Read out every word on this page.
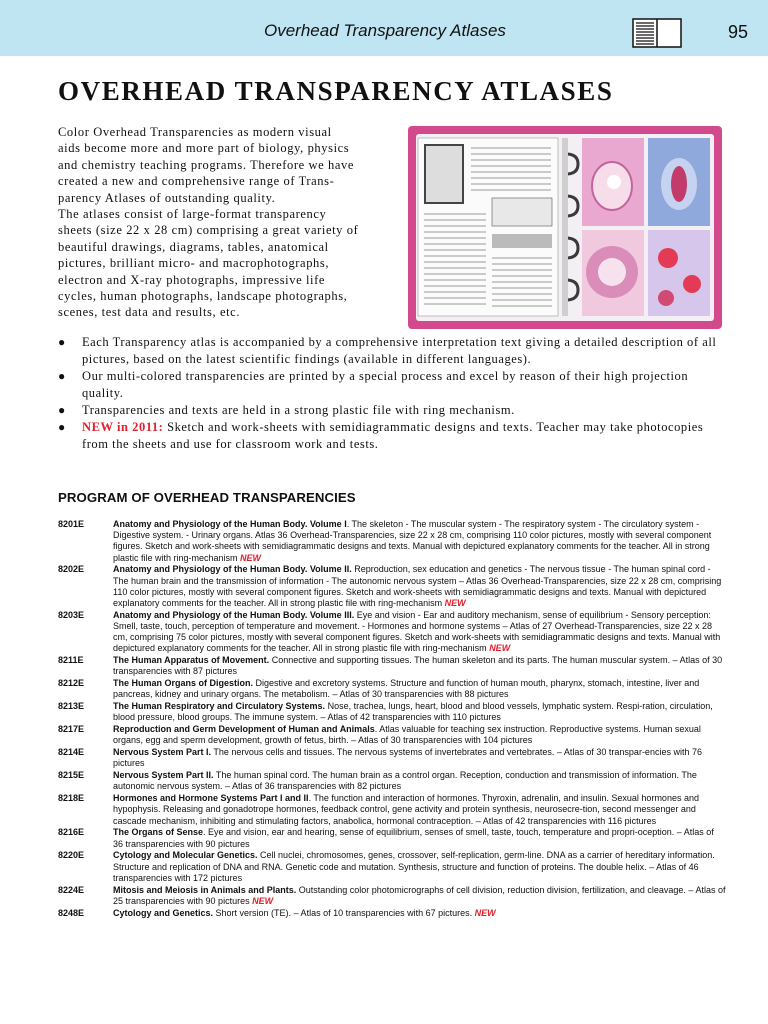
Overhead Transparency Atlases	95
OVERHEAD TRANSPARENCY ATLASES

Color Overhead Transparencies as modern visual

aids become more and more part of biology, physics

and chemistry teaching programs. Therefore we have

created a new and comprehensive range of Trans-

parency Atlases of outstanding quality.

The atlases consist of large-format transparency

sheets (size 22 x 28 cm) comprising a great variety of

beautiful drawings, diagrams, tables, anatomical

pictures, brilliant micro- and macrophotographs,

electron and X-ray photographs, impressive life

cycles, human photographs, landscape photographs,

scenes, test data and results, etc.

● Each Transparency atlas is accompanied by a comprehensive interpretation text giving a detailed description of all pictures, based on the latest scientific findings (available in different languages).
● Our multi-colored transparencies are printed by a special process and excel by reason of their high projection quality.
● Transparencies and texts are held in a strong plastic file with ring mechanism.
● NEW in 2011: Sketch and work-sheets with semidiagrammatic designs and texts. Teacher may take photocopies from the sheets and use for classroom work and tests.
PROGRAM OF OVERHEAD TRANSPARENCIES
8201E	Anatomy and Physiology of the Human Body. Volume I. The skeleton - The muscular system - The respiratory system - The circulatory system - Digestive system. - Urinary organs. Atlas 36 Overhead-Transparencies, size 22 x 28 cm, comprising 110 color pictures, mostly with several component figures. Sketch and work-sheets with semidiagrammatic designs and texts. Manual with depicturеd explanatory comments for the teacher. All in strong plastic file with ring-mechanism NEW
8202E	Anatomy and Physiology of the Human Body. Volume II. Reproduction, sex education and genetics - The nervous tissue - The human spinal cord - The human brain and the transmission of information - The autonomic nervous system – Atlas 36 Overhead-Transparencies, size 22 x 28 cm, comprising 110 color pictures, mostly with several component figures. Sketch and work-sheets with semidiagrammatic designs and texts. Manual with depicturеd explanatory comments for the teacher. All in strong plastic file with ring-mechanism NEW
8203E	Anatomy and Physiology of the Human Body. Volume III. Eye and vision - Ear and auditory mechanism, sense of equilibrium - Sensory perception: Smell, taste, touch, perception of temperature and movement. - Hormones and hormone systems – Atlas of 27 Overhead-Transparencies, size 22 x 28 cm, comprising 75 color pictures, mostly with several component figures. Sketch and work-sheets with semidiagrammatic designs and texts. Manual with depicturеd explanatory comments for the teacher. All in strong plastic file with ring-mechanism NEW
8211E	The Human Apparatus of Movement. Connective and supporting tissues. The human skeleton and its parts. The human muscular system. – Atlas of 30 transparencies with 87 pictures
8212E	The Human Organs of Digestion. Digestive and excretory systems. Structure and function of human mouth, pharynx, stomach, intestine, liver and pancreas, kidney and urinary organs. The metabolism. – Atlas of 30 transparencies with 88 pictures
8213E	The Human Respiratory and Circulatory Systems. Nose, trachea, lungs, heart, blood and blood vessels, lymphatic system. Respi-ration, circulation, blood pressure, blood groups. The immune system. – Atlas of 42 transparencies with 110 pictures
8217E	Reproduction and Germ Development of Human and Animals. Atlas valuable for teaching sex instruction. Reproductive systems. Human sexual organs, egg and sperm development, growth of fetus, birth. – Atlas of 30 transparencies with 104 pictures
8214E	Nervous System Part I. The nervous cells and tissues. The nervous systems of invertebrates and vertebrates. – Atlas of 30 transpar-encies with 76 pictures
8215E	Nervous System Part II. The human spinal cord. The human brain as a control organ. Reception, conduction and transmission of information. The autonomic nervous system. – Atlas of 36 transparencies with 82 pictures
8218E	Hormones and Hormone Systems Part I and II. The function and interaction of hormones. Thyroxin, adrenalin, and insulin. Sexual hormones and hypophysis. Releasing and gonadotrope hormones, feedback control, gene activity and protein synthesis, neurosecre-tion, second messenger and cascade mechanism, inhibiting and stimulating factors, anabolica, hormonal contraception. – Atlas of 42 transparencies with 116 pictures
8216E	The Organs of Sense. Eye and vision, ear and hearing, sense of equilibrium, senses of smell, taste, touch, temperature and propri-oception. – Atlas of 36 transparencies with 90 pictures
8220E	Cytology and Molecular Genetics. Cell nuclei, chromosomes, genes, crossover, self-replication, germ-line. DNA as a carrier of hereditary information. Structure and replication of DNA and RNA. Genetic code and mutation. Synthesis, structure and function of proteins. The double helix. – Atlas of 46 transparencies with 172 pictures
8224E	Mitosis and Meiosis in Animals and Plants. Outstanding color photomicrographs of cell division, reduction division, fertilization, and cleavage. – Atlas of 25 transparencies with 90 pictures NEW
8248E	Cytology and Genetics. Short version (TE). – Atlas of 10 transparencies with 67 pictures. NEW
